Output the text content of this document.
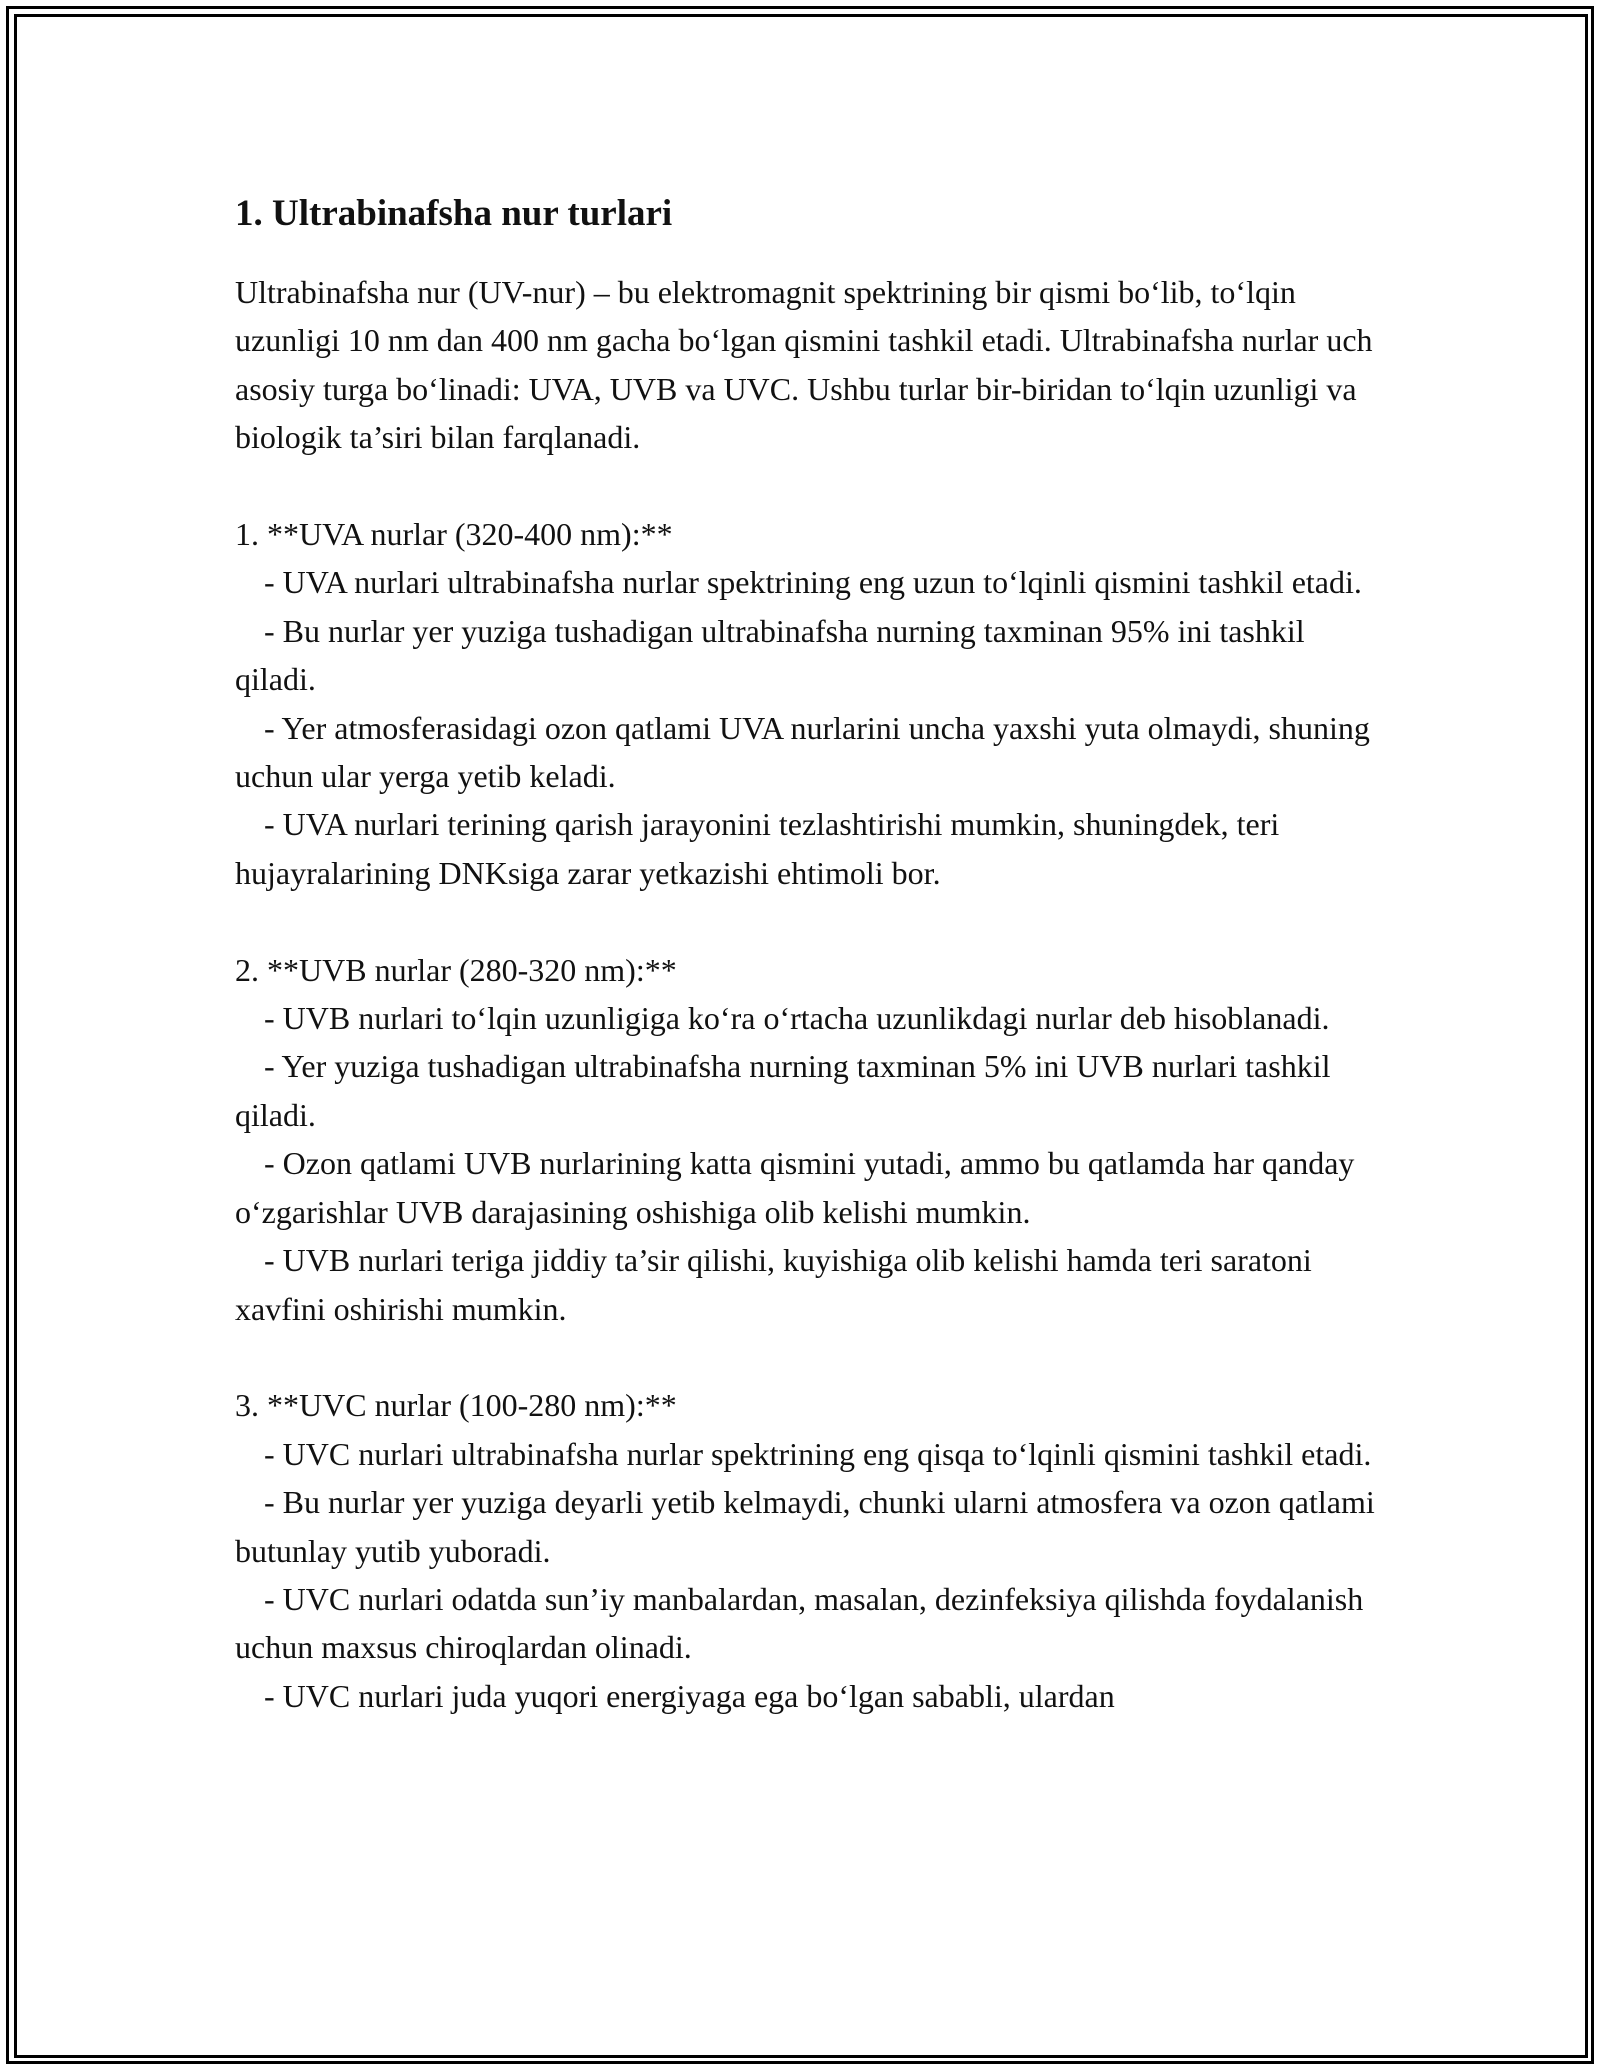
1. Ultrabinafsha nur turlari

Ultrabinafsha nur (UV-nur) – bu elektromagnit spektrining bir qismi bo‘lib, to‘lqin uzunligi 10 nm dan 400 nm gacha bo‘lgan qismini tashkil etadi. Ultrabinafsha nurlar uch asosiy turga bo‘linadi: UVA, UVB va UVC. Ushbu turlar bir-biridan to‘lqin uzunligi va biologik ta’siri bilan farqlanadi.

1. **UVA nurlar (320-400 nm):**

- UVA nurlari ultrabinafsha nurlar spektrining eng uzun to‘lqinli qismini tashkil etadi.

- Bu nurlar yer yuziga tushadigan ultrabinafsha nurning taxminan 95% ini tashkil qiladi.

- Yer atmosferasidagi ozon qatlami UVA nurlarini uncha yaxshi yuta olmaydi, shuning uchun ular yerga yetib keladi.

- UVA nurlari terining qarish jarayonini tezlashtirishi mumkin, shuningdek, teri hujayralarining DNKsiga zarar yetkazishi ehtimoli bor.

2. **UVB nurlar (280-320 nm):**

- UVB nurlari to‘lqin uzunligiga ko‘ra o‘rtacha uzunlikdagi nurlar deb hisoblanadi.

- Yer yuziga tushadigan ultrabinafsha nurning taxminan 5% ini UVB nurlari tashkil qiladi.

- Ozon qatlami UVB nurlarining katta qismini yutadi, ammo bu qatlamda har qanday o‘zgarishlar UVB darajasining oshishiga olib kelishi mumkin.

- UVB nurlari teriga jiddiy ta’sir qilishi, kuyishiga olib kelishi hamda teri saratoni xavfini oshirishi mumkin.

3. **UVC nurlar (100-280 nm):**

- UVC nurlari ultrabinafsha nurlar spektrining eng qisqa to‘lqinli qismini tashkil etadi.

- Bu nurlar yer yuziga deyarli yetib kelmaydi, chunki ularni atmosfera va ozon qatlami butunlay yutib yuboradi.

- UVC nurlari odatda sun’iy manbalardan, masalan, dezinfeksiya qilishda foydalanish uchun maxsus chiroqlardan olinadi.

- UVC nurlari juda yuqori energiyaga ega bo‘lgan sababli, ulardan
